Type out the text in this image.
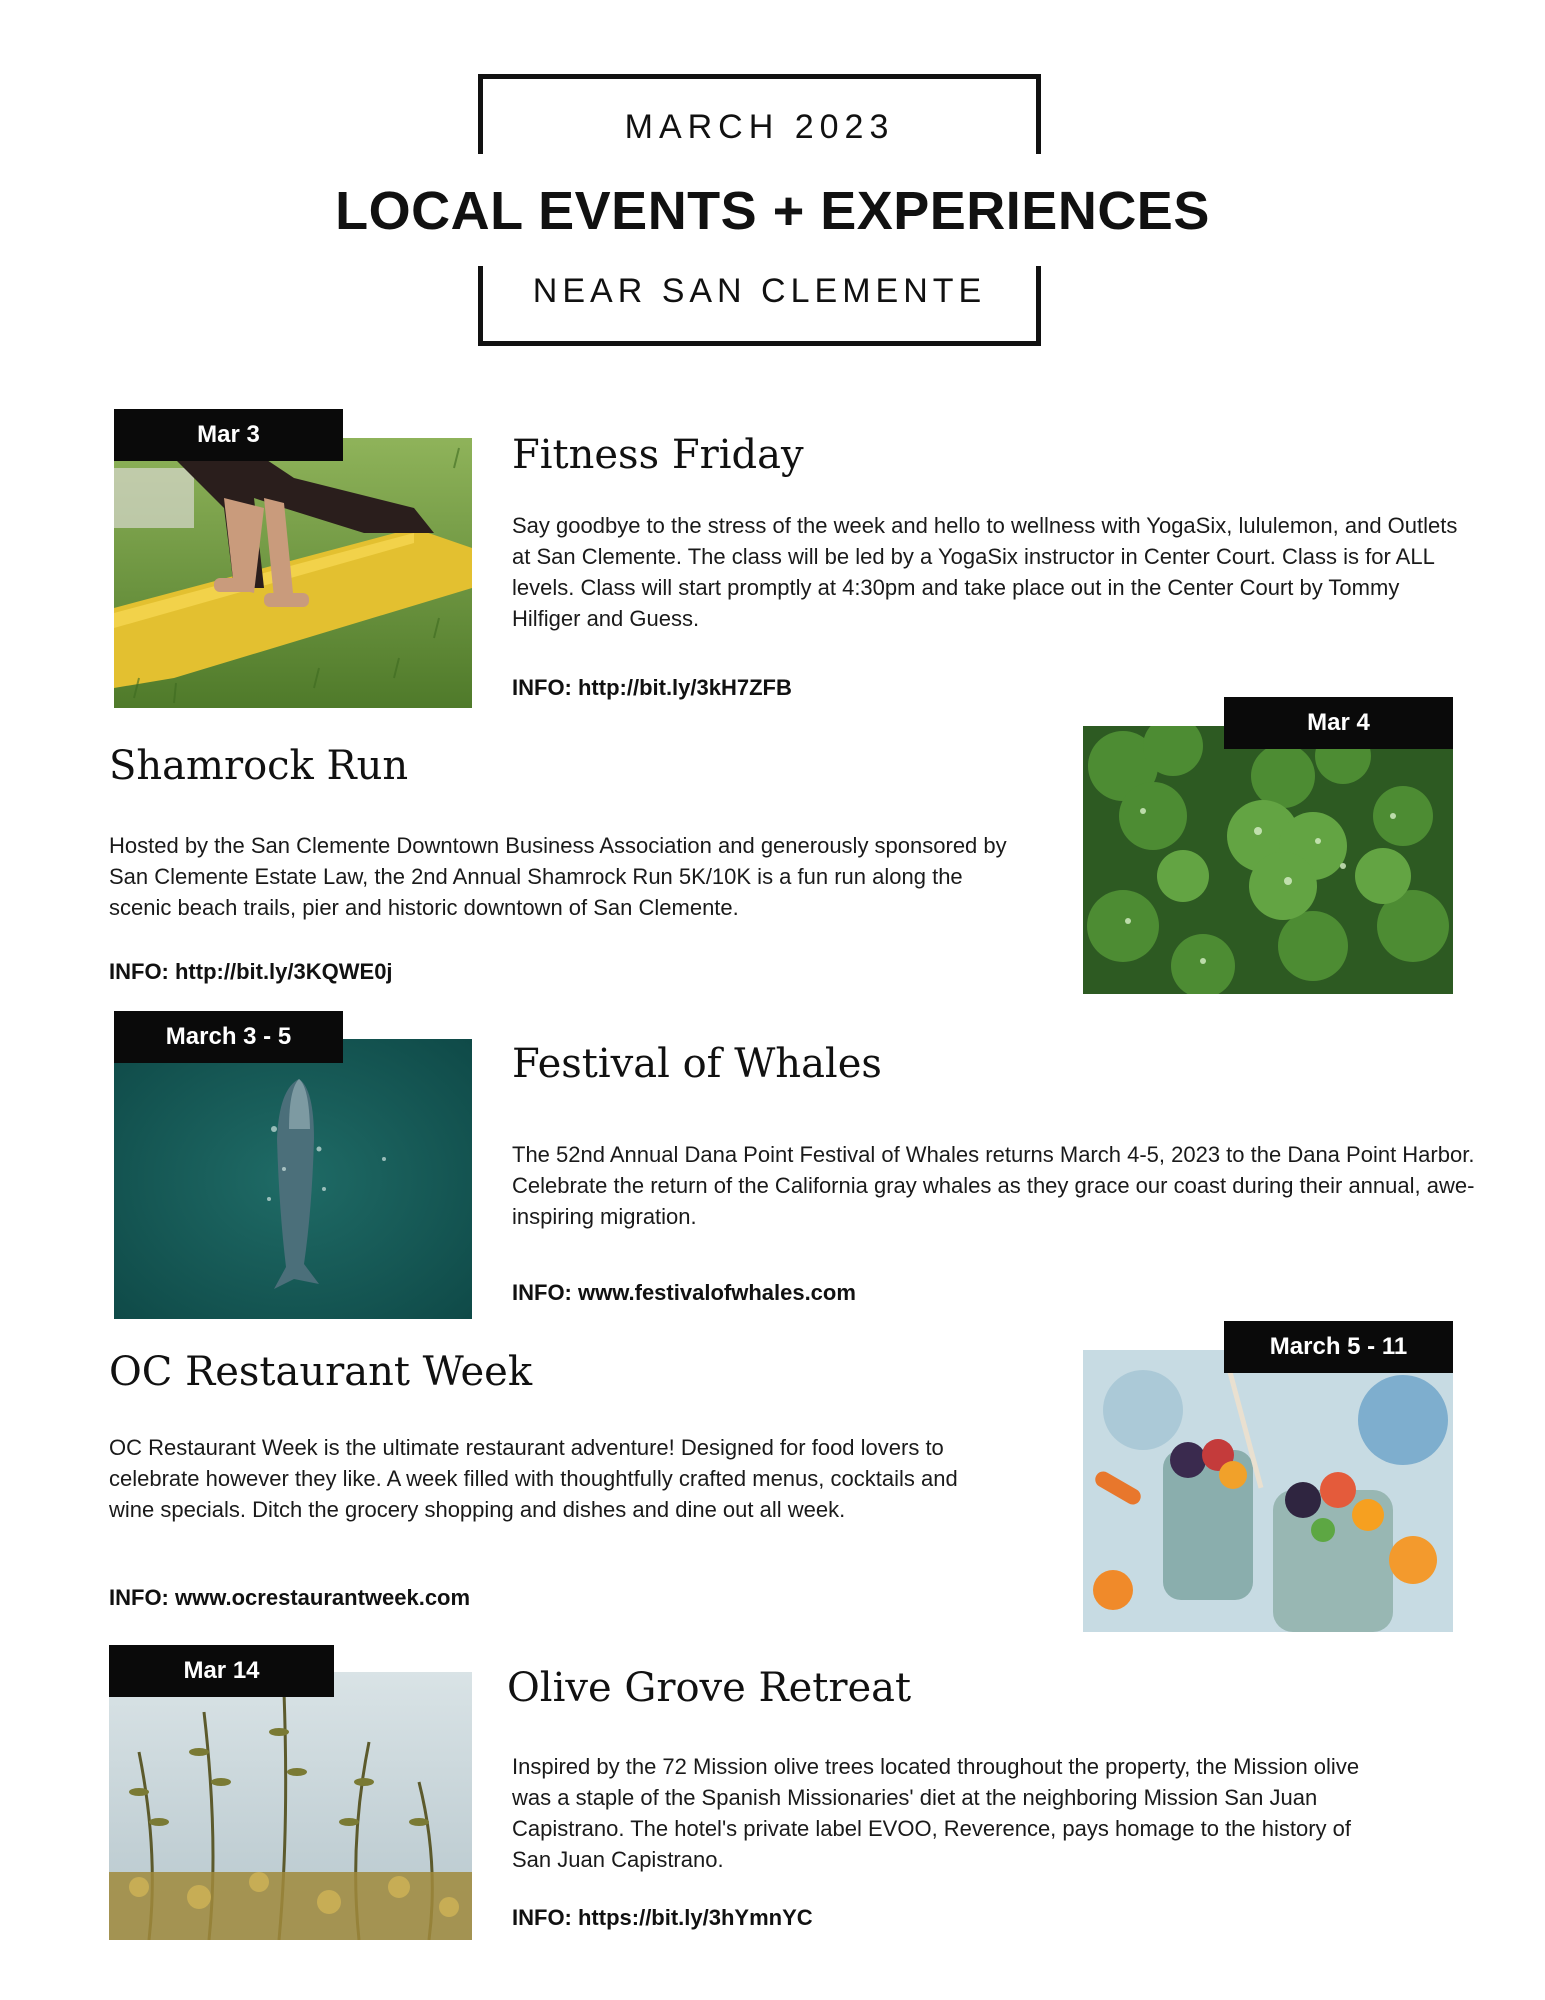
MARCH 2023
LOCAL EVENTS + EXPERIENCES
NEAR SAN CLEMENTE
Mar 3	Fitness Friday
Say goodbye to the stress of the week and hello to wellness with YogaSix, lululemon, and Outlets at San Clemente. The class will be led by a YogaSix instructor in Center Court. Class is for ALL levels. Class will start promptly at 4:30pm and take place out in the Center Court by Tommy Hilfiger and Guess.
INFO: http://bit.ly/3kH7ZFB
Mar 4
Shamrock Run
Hosted by the San Clemente Downtown Business Association and generously sponsored by San Clemente Estate Law, the 2nd Annual Shamrock Run 5K/10K is a fun run along the scenic beach trails, pier and historic downtown of San Clemente.
INFO: http://bit.ly/3KQWE0j
March 3 - 5
Festival of Whales
The 52nd Annual Dana Point Festival of Whales returns March 4-5, 2023 to the Dana Point Harbor. Celebrate the return of the California gray whales as they grace our coast during their annual, awe-inspiring migration.
INFO: www.festivalofwhales.com
March 5 - 11
OC Restaurant Week
OC Restaurant Week is the ultimate restaurant adventure! Designed for food lovers to celebrate however they like. A week filled with thoughtfully crafted menus, cocktails and wine specials. Ditch the grocery shopping and dishes and dine out all week.
INFO: www.ocrestaurantweek.com
Mar 14	Olive Grove Retreat
Inspired by the 72 Mission olive trees located throughout the property, the Mission olive was a staple of the Spanish Missionaries' diet at the neighboring Mission San Juan Capistrano. The hotel's private label EVOO, Reverence, pays homage to the history of San Juan Capistrano.
INFO: https://bit.ly/3hYmnYC
